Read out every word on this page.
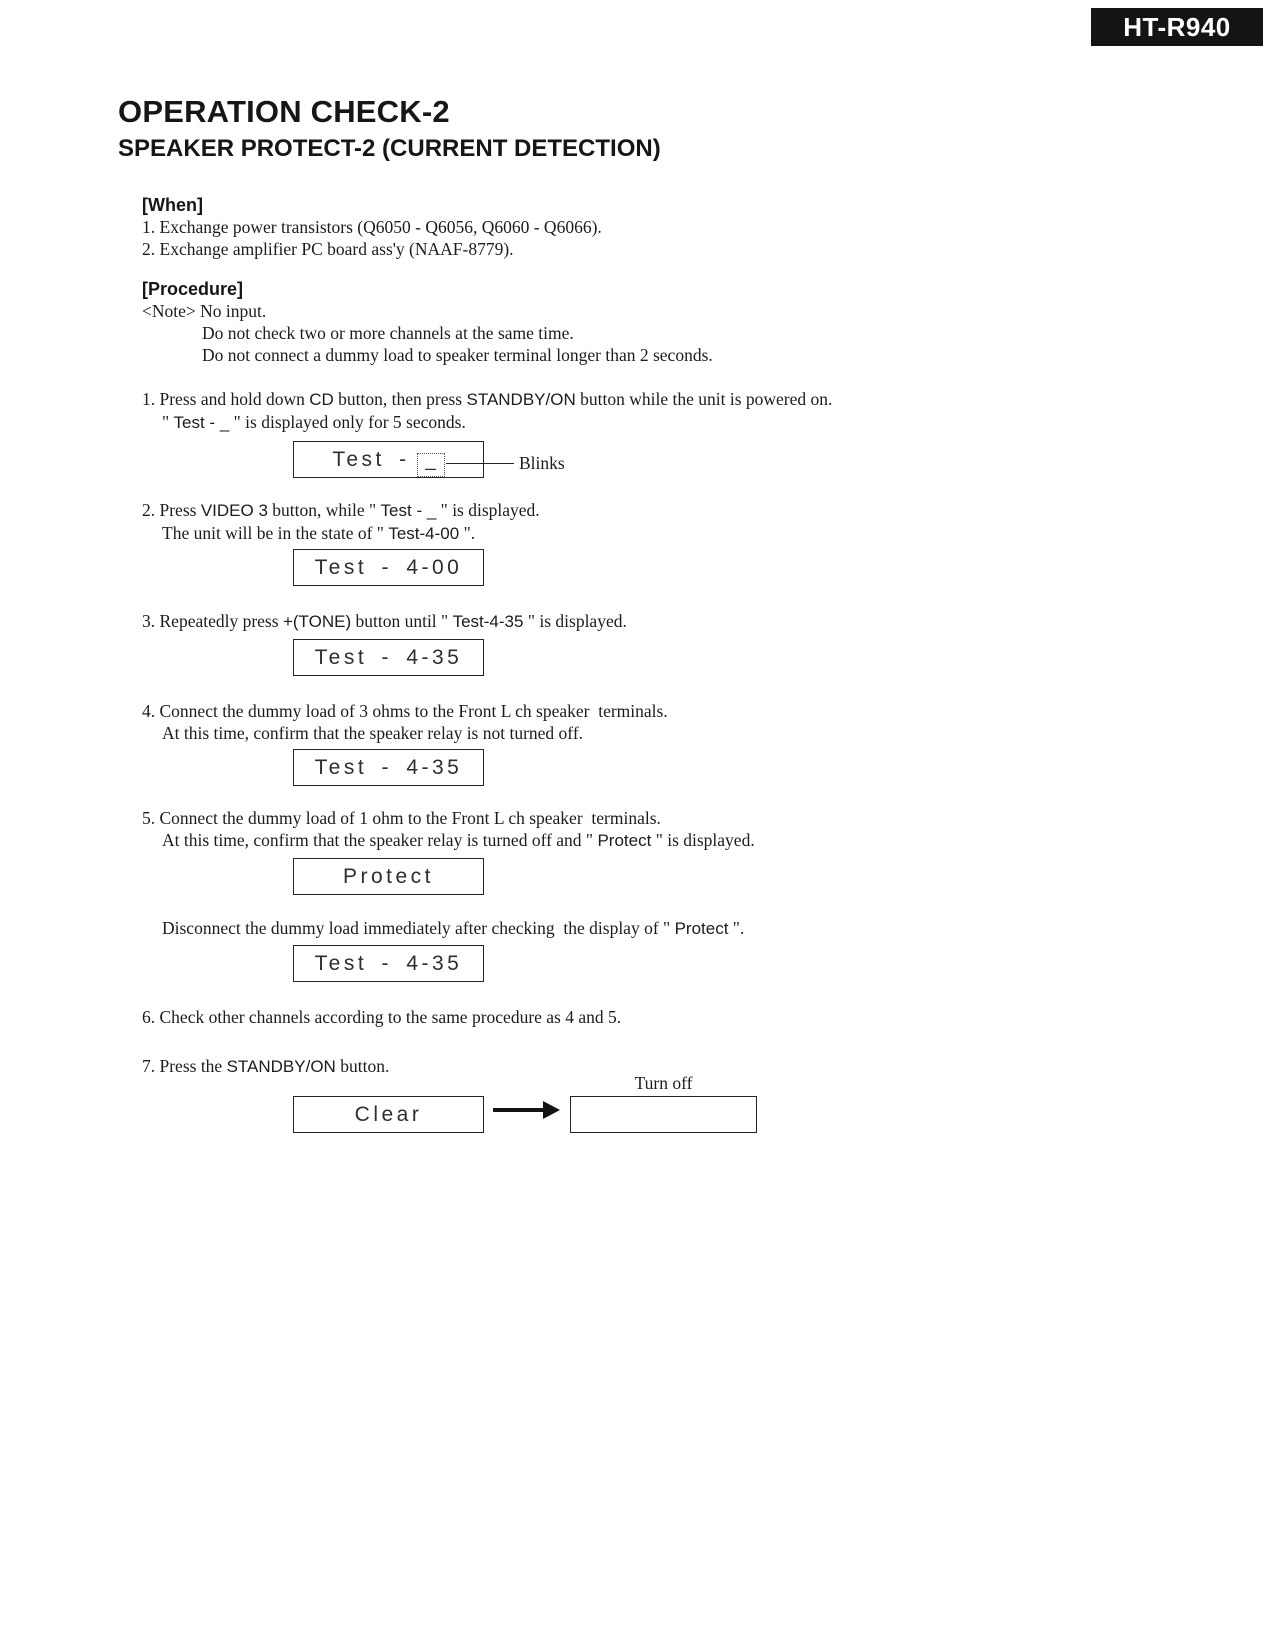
HT-R940
OPERATION CHECK-2
SPEAKER PROTECT-2 (CURRENT DETECTION)
[When]
1. Exchange power transistors (Q6050 - Q6056, Q6060 - Q6066).
2. Exchange amplifier PC board ass'y (NAAF-8779).
[Procedure]
<Note> No input.
Do not check two or more channels at the same time.
Do not connect a dummy load to speaker terminal longer than 2 seconds.
1. Press and hold down CD button, then press STANDBY/ON button while the unit is powered on.
" Test - _ " is displayed only for 5 seconds.
Test - _	Blinks
2. Press VIDEO 3 button, while " Test - _ " is displayed.
The unit will be in the state of " Test-4-00 ".
Test - 4-00
3. Repeatedly press +(TONE) button until " Test-4-35 " is displayed.
Test - 4-35
4. Connect the dummy load of 3 ohms to the Front L ch speaker  terminals.
At this time, confirm that the speaker relay is not turned off.
Test - 4-35
5. Connect the dummy load of 1 ohm to the Front L ch speaker  terminals.
At this time, confirm that the speaker relay is turned off and " Protect " is displayed.
Protect
Disconnect the dummy load immediately after checking  the display of " Protect ".
Test - 4-35
6. Check other channels according to the same procedure as 4 and 5.
7. Press the STANDBY/ON button.
Clear
Turn off
